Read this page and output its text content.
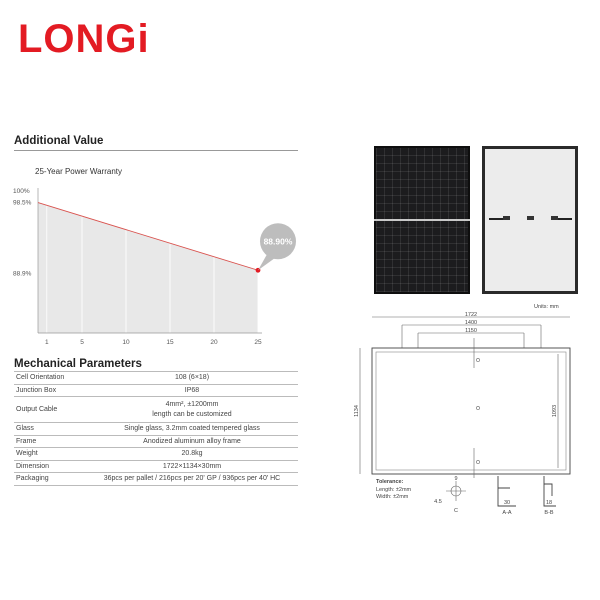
LONGi
Additional Value
25-Year Power Warranty
88.90%
1	5	10	15	20	25
100%
98.5%
88.9%
Mechanical Parameters
Cell Orientation	108 (6×18)
Junction Box	IP68
Output Cable	4mm², ±1200mm
length can be customized

Glass	Single glass, 3.2mm coated tempered glass
Frame	Anodized aluminum alloy frame
Weight	20.8kg
Dimension	1722×1134×30mm
Packaging	36pcs per pallet / 216pcs per 20' GP / 936pcs per 40' HC
Units: mm
1722
1400
1150
1134	1093
9
4.5
C
30
A-A
18
B-B
Tolerance:
Length: ±2mm
Width: ±2mm
